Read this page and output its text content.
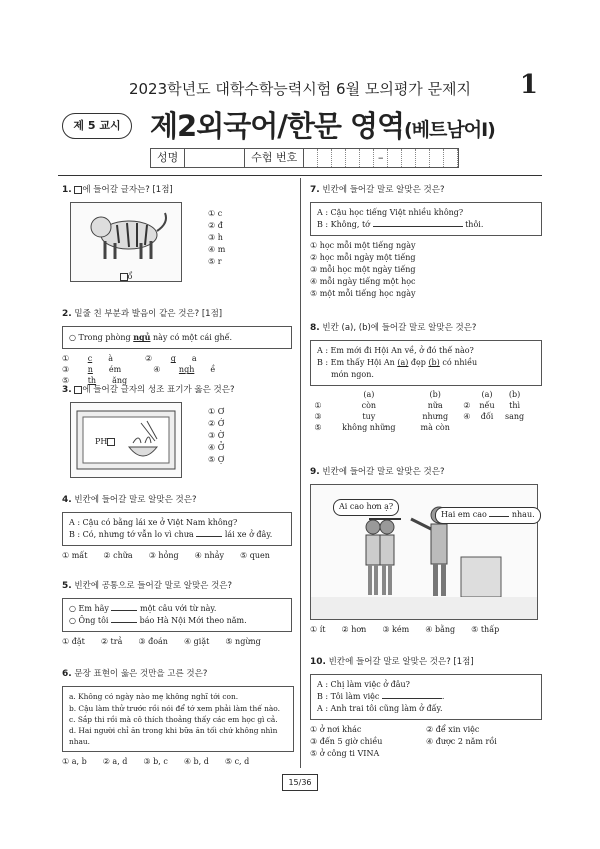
2023학년도 대학수학능력시험 6월 모의평가 문제지	1
제 5 교시	제2외국어/한문 영역(베트남어Ⅰ)
성명	수험 번호	–
1. 에 들어갈 글자는? [1점]
ổ
① c
② đ
③ h
④ m
⑤ r
2. 밑줄 친 부분과 발음이 같은 것은? [1점]
○ Trong phòng ngủ này có một cái ghế.
① c à	② g a
③ n ém	④ ngh ề
⑤ th ăng
3. 에 들어갈 글자의 성조 표기가 옳은 것은?
PH
① Ơ
② Ớ
③ Ờ
④ Ở
⑤ Ợ
4. 빈칸에 들어갈 말로 알맞은 것은?
A : Cậu có bằng lái xe ở Việt Nam không?
B : Có, nhưng tớ vẫn lo vì chưa	lái xe ở đây.
① mất ② chữa ③ hỏng ④ nhảy ⑤ quen
5. 빈칸에 공통으로 들어갈 말로 알맞은 것은?
○ Em hãy	một câu với từ này.
○ Ông tôi	báo Hà Nội Mới theo năm.
① đặt ② trả ③ đoán ④ giặt ⑤ ngừng
6. 문장 표현이 옳은 것만을 고른 것은?
a. Không có ngày nào mẹ không nghĩ tới con.
b. Cậu làm thử trước rồi nói để tớ xem phải làm thế nào.
c. Sắp thi rồi mà cô thích thoảng thấy các em học gì cả.
d. Hai người chỉ ăn trong khi bữa ăn tối chứ không nhìn nhau.
① a, b ② a, d ③ b, c ④ b, d ⑤ c, d
7. 빈칸에 들어갈 말로 알맞은 것은?
A : Cậu học tiếng Việt nhiều không?
B : Không, tớ	thôi.
① học mỗi một tiếng ngày
② học mỗi ngày một tiếng
③ mỗi học một ngày tiếng
④ mỗi ngày tiếng một học
⑤ một mỗi tiếng học ngày
8. 빈칸 (a), (b)에 들어갈 말로 알맞은 것은?
A : Em mới đi Hội An về, ở đó thế nào?
B : Em thấy Hội An (a) đẹp (b) có nhiều
món ngon.
	(a)	(b)		(a)	(b)
①	còn	nữa	②	nếu	thì
③	tuy	nhưng	④	đối	sang
⑤	không những	mà còn			
9. 빈칸에 들어갈 말로 알맞은 것은?
Ai cao hơn ạ?
Hai em cao	nhau.
① ít ② hơn ③ kém ④ bằng ⑤ thấp
10. 빈칸에 들어갈 말로 알맞은 것은? [1점]
A : Chị làm việc ở đâu?
B : Tôi làm việc	.
A : Anh trai tôi cũng làm ở đấy.
① ở nơi khác	② để xin việc
③ đến 5 giờ chiều	④ được 2 năm rồi
⑤ ở công ti VINA
15/36
